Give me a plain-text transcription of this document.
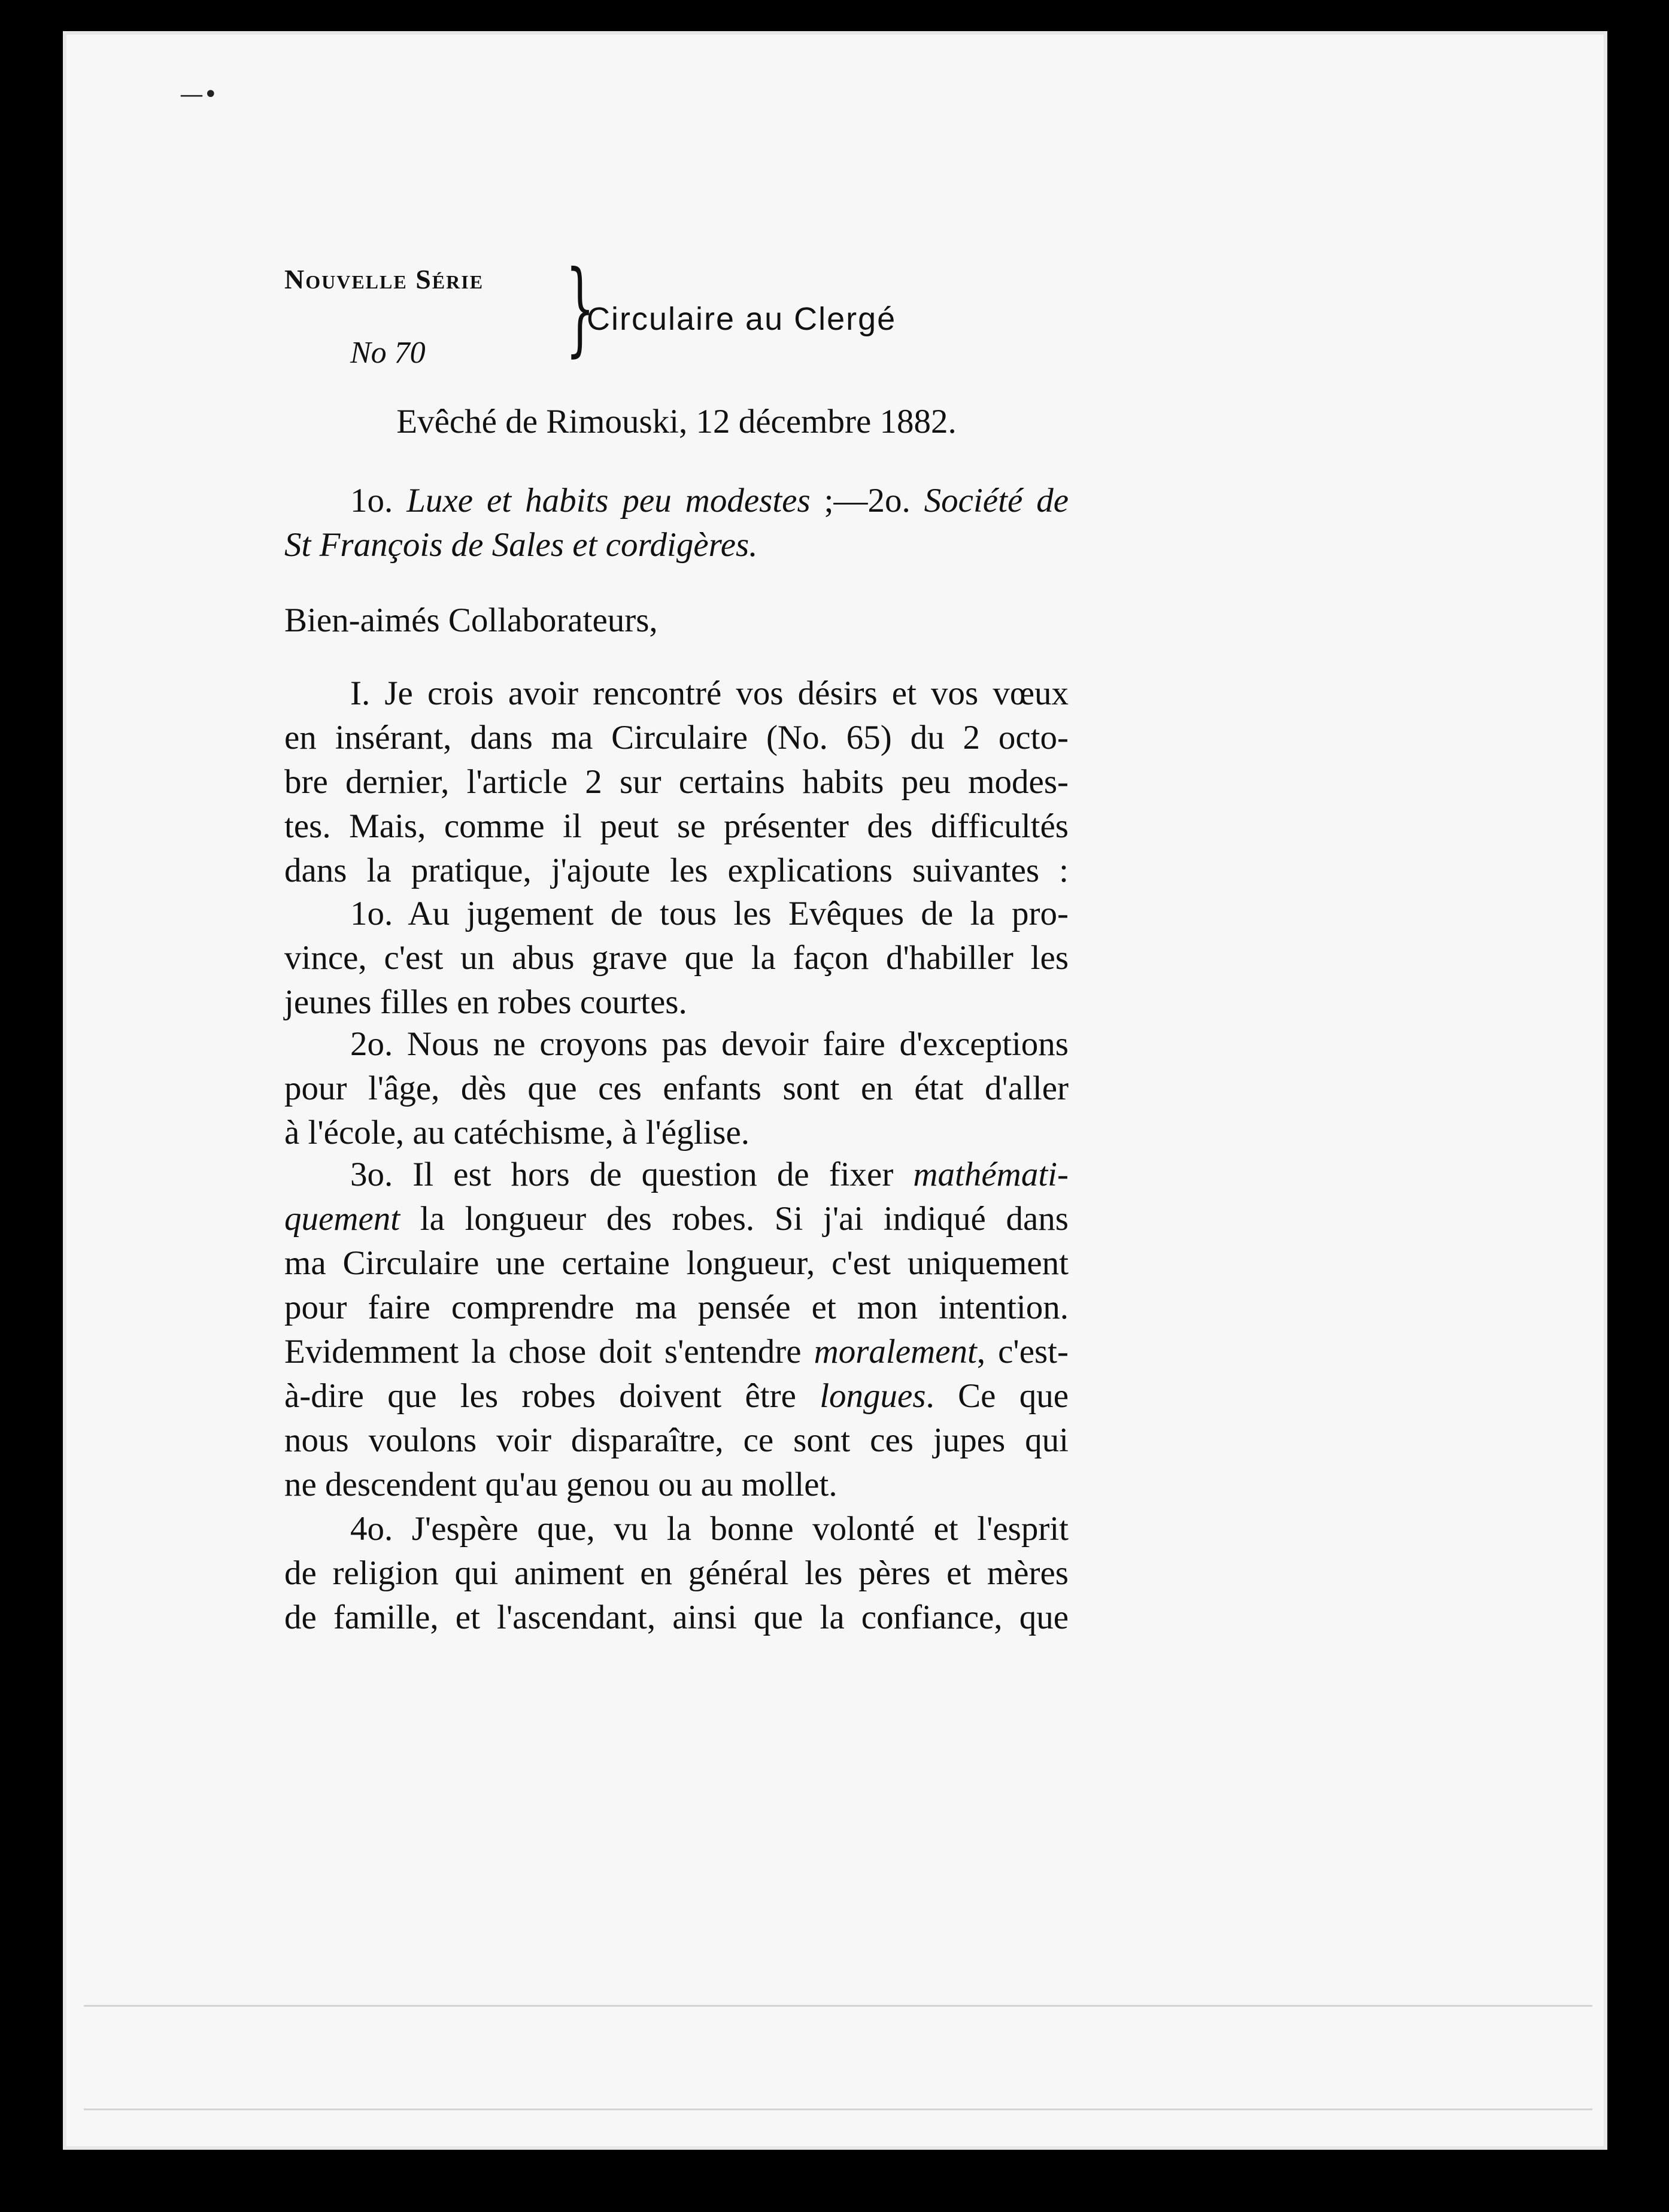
—•
Nouvelle Série
No 70 }
Circulaire au Clergé
Evêché de Rimouski, 12 décembre 1882.

1o. Luxe et habits peu modestes ;—2o. Société de

St François de Sales et cordigères.

Bien-aimés Collaborateurs,

I. Je crois avoir rencontré vos désirs et vos vœux

en insérant, dans ma Circulaire (No. 65) du 2 octo-

bre dernier, l'article 2 sur certains habits peu modes-

tes. Mais, comme il peut se présenter des difficultés

dans la pratique, j'ajoute les explications suivantes :

1o. Au jugement de tous les Evêques de la pro-

vince, c'est un abus grave que la façon d'habiller les

jeunes filles en robes courtes.

2o. Nous ne croyons pas devoir faire d'exceptions

pour l'âge, dès que ces enfants sont en état d'aller

à l'école, au catéchisme, à l'église.

3o. Il est hors de question de fixer mathémati-

quement la longueur des robes. Si j'ai indiqué dans

ma Circulaire une certaine longueur, c'est uniquement

pour faire comprendre ma pensée et mon intention.

Evidemment la chose doit s'entendre moralement, c'est-

à-dire que les robes doivent être longues. Ce que

nous voulons voir disparaître, ce sont ces jupes qui

ne descendent qu'au genou ou au mollet.

4o. J'espère que, vu la bonne volonté et l'esprit

de religion qui animent en général les pères et mères

de famille, et l'ascendant, ainsi que la confiance, que
